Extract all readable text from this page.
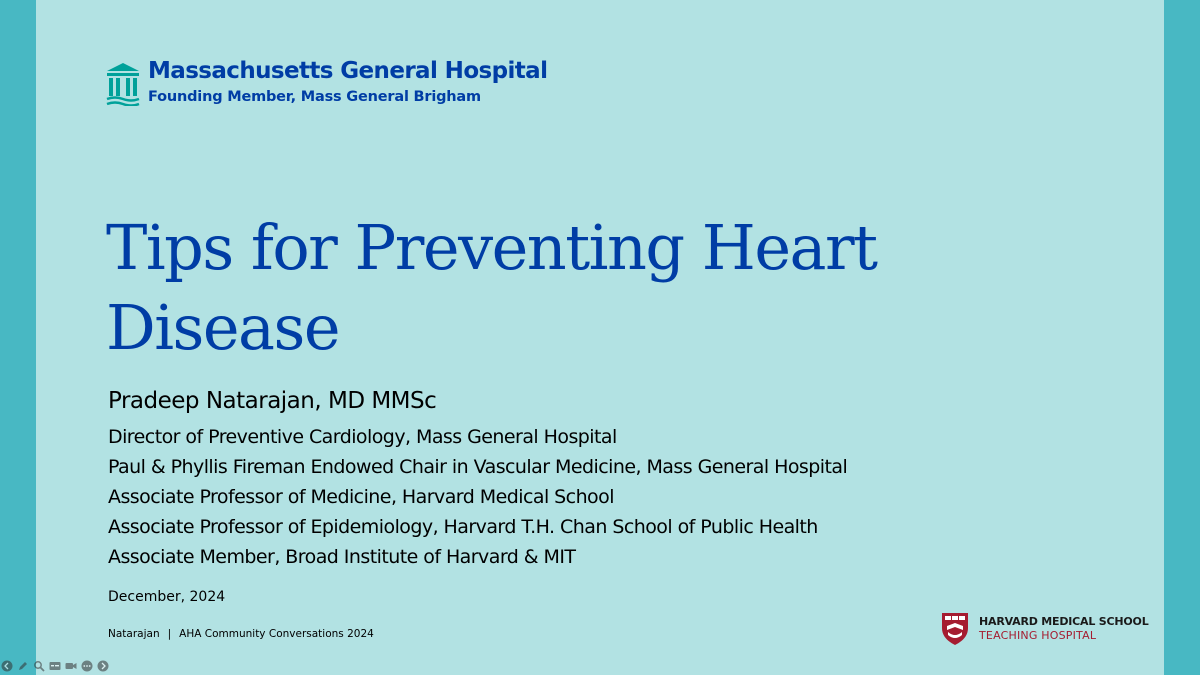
Massachusetts General Hospital
Founding Member, Mass General Brigham
Tips for Preventing Heart
Disease
Pradeep Natarajan, MD MMSc
Director of Preventive Cardiology, Mass General Hospital
Paul & Phyllis Fireman Endowed Chair in Vascular Medicine, Mass General Hospital
Associate Professor of Medicine, Harvard Medical School
Associate Professor of Epidemiology, Harvard T.H. Chan School of Public Health
Associate Member, Broad Institute of Harvard & MIT
December, 2024
Natarajan | AHA Community Conversations 2024
HARVARD MEDICAL SCHOOL
TEACHING HOSPITAL
